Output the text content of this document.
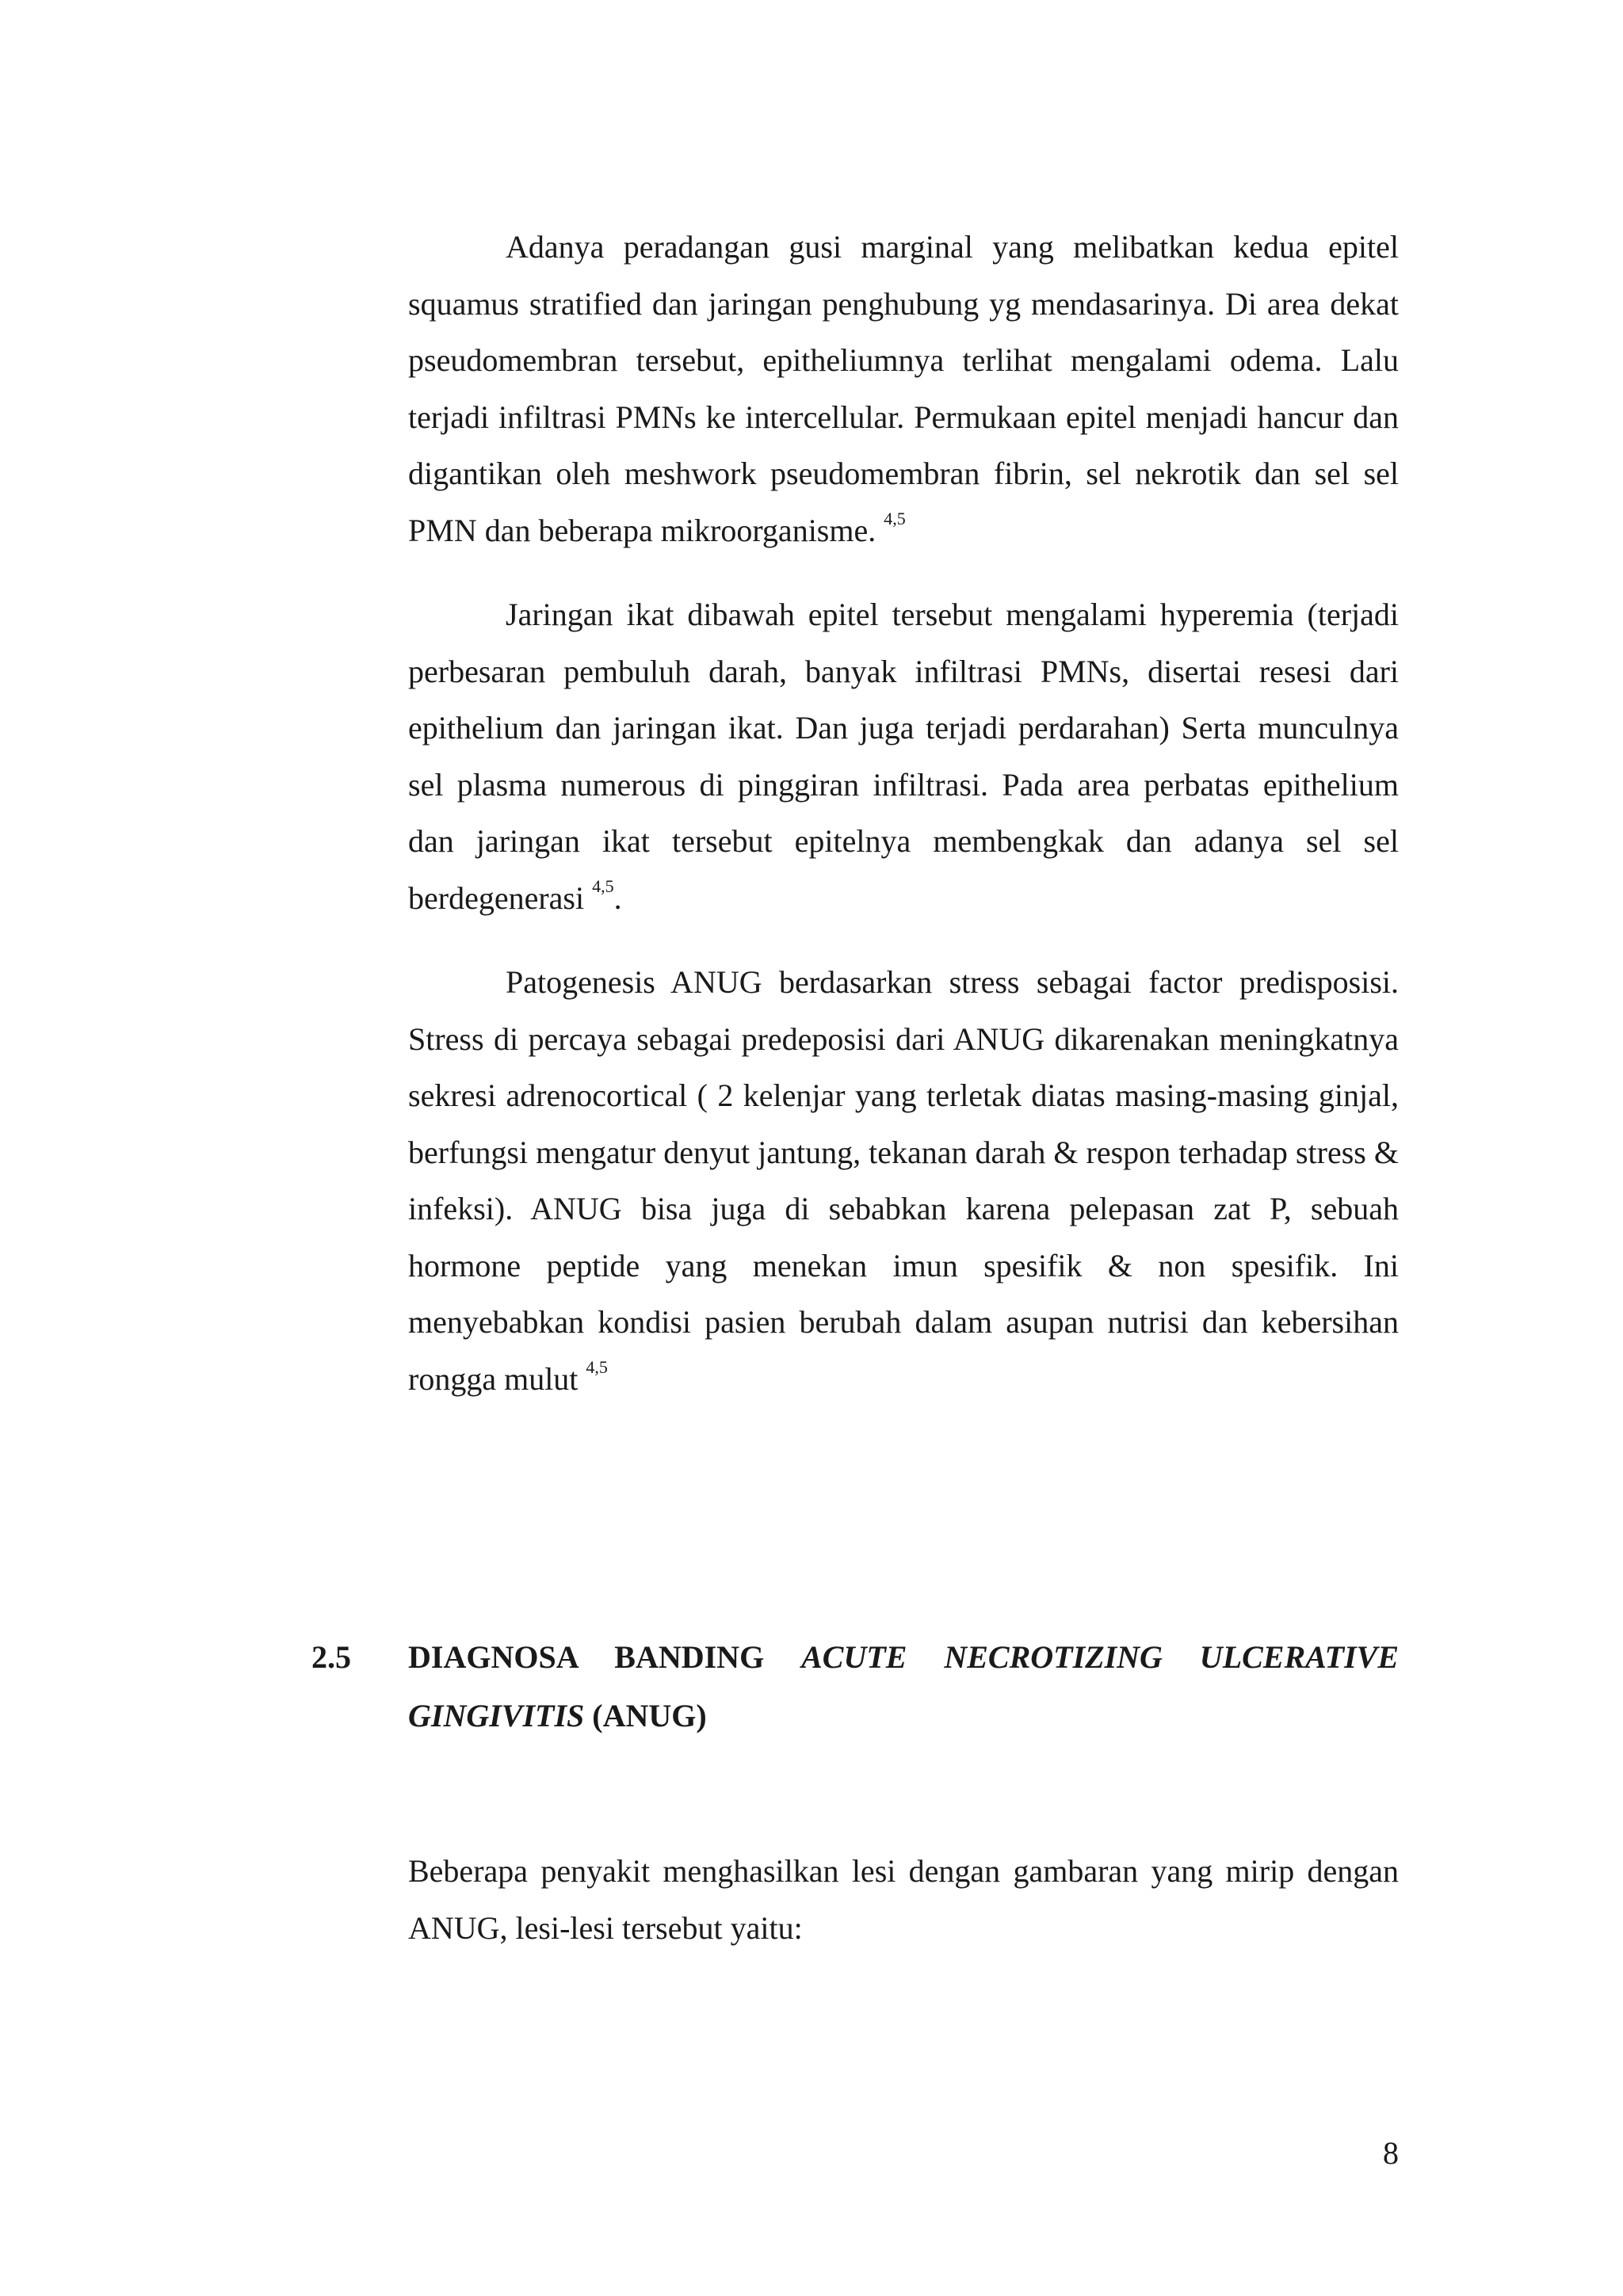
Adanya peradangan gusi marginal yang melibatkan kedua epitel squamus stratified dan jaringan penghubung yg mendasarinya. Di area dekat pseudomembran tersebut, epitheliumnya terlihat mengalami odema. Lalu terjadi infiltrasi PMNs ke intercellular. Permukaan epitel menjadi hancur dan digantikan oleh meshwork pseudomembran fibrin, sel nekrotik dan sel sel PMN dan beberapa mikroorganisme. $^{4,5}$

Jaringan ikat dibawah epitel tersebut mengalami hyperemia (terjadi perbesaran pembuluh darah, banyak infiltrasi PMNs, disertai resesi dari epithelium dan jaringan ikat. Dan juga terjadi perdarahan) Serta munculnya sel plasma numerous di pinggiran infiltrasi. Pada area perbatas epithelium dan jaringan ikat tersebut epitelnya membengkak dan adanya sel sel berdegenerasi $^{4,5}$.

Patogenesis ANUG berdasarkan stress sebagai factor predisposisi. Stress di percaya sebagai predeposisi dari ANUG dikarenakan meningkatnya sekresi adrenocortical ( 2 kelenjar yang terletak diatas masing-masing ginjal, berfungsi mengatur denyut jantung, tekanan darah & respon terhadap stress & infeksi). ANUG bisa juga di sebabkan karena pelepasan zat P, sebuah hormone peptide yang menekan imun spesifik & non spesifik. Ini menyebabkan kondisi pasien berubah dalam asupan nutrisi dan kebersihan rongga mulut $^{4,5}$

2.5 DIAGNOSA BANDING ACUTE NECROTIZING ULCERATIVE GINGIVITIS (ANUG)

Beberapa penyakit menghasilkan lesi dengan gambaran yang mirip dengan ANUG, lesi-lesi tersebut yaitu:

8
